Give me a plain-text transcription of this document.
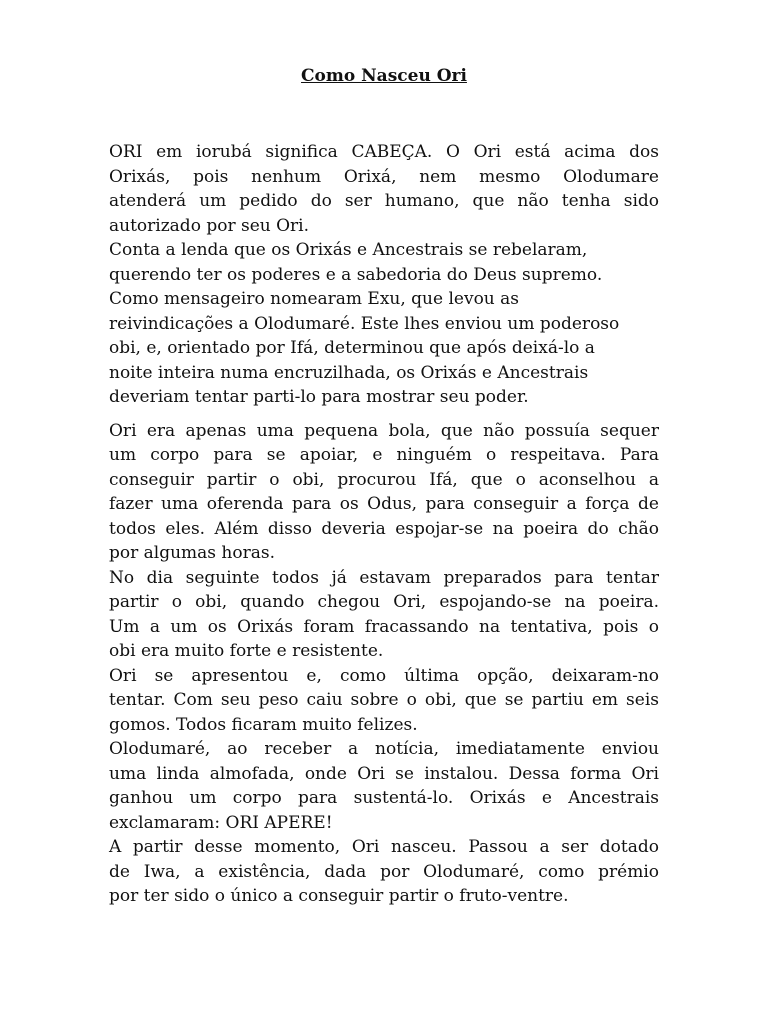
Como Nasceu Ori
ORI em iorubá significa CABEÇA. O Ori está acima dos
Orixás, pois nenhum Orixá, nem mesmo Olodumare
atenderá um pedido do ser humano, que não tenha sido
autorizado por seu Ori.
Conta a lenda que os Orixás e Ancestrais se rebelaram,
querendo ter os poderes e a sabedoria do Deus supremo.
Como mensageiro nomearam Exu, que levou as
reivindicações a Olodumaré. Este lhes enviou um poderoso
obi, e, orientado por Ifá, determinou que após deixá-lo a
noite inteira numa encruzilhada, os Orixás e Ancestrais
deveriam tentar parti-lo para mostrar seu poder.
Ori era apenas uma pequena bola, que não possuía sequer
um corpo para se apoiar, e ninguém o respeitava. Para
conseguir partir o obi, procurou Ifá, que o aconselhou a
fazer uma oferenda para os Odus, para conseguir a força de
todos eles. Além disso deveria espojar-se na poeira do chão
por algumas horas.
No dia seguinte todos já estavam preparados para tentar
partir o obi, quando chegou Ori, espojando-se na poeira.
Um a um os Orixás foram fracassando na tentativa, pois o
obi era muito forte e resistente.
Ori se apresentou e, como última opção, deixaram-no
tentar. Com seu peso caiu sobre o obi, que se partiu em seis
gomos. Todos ficaram muito felizes.
Olodumaré, ao receber a notícia, imediatamente enviou
uma linda almofada, onde Ori se instalou. Dessa forma Ori
ganhou um corpo para sustentá-lo. Orixás e Ancestrais
exclamaram: ORI APERE!
A partir desse momento, Ori nasceu. Passou a ser dotado
de Iwa, a existência, dada por Olodumaré, como prémio
por ter sido o único a conseguir partir o fruto-ventre.
